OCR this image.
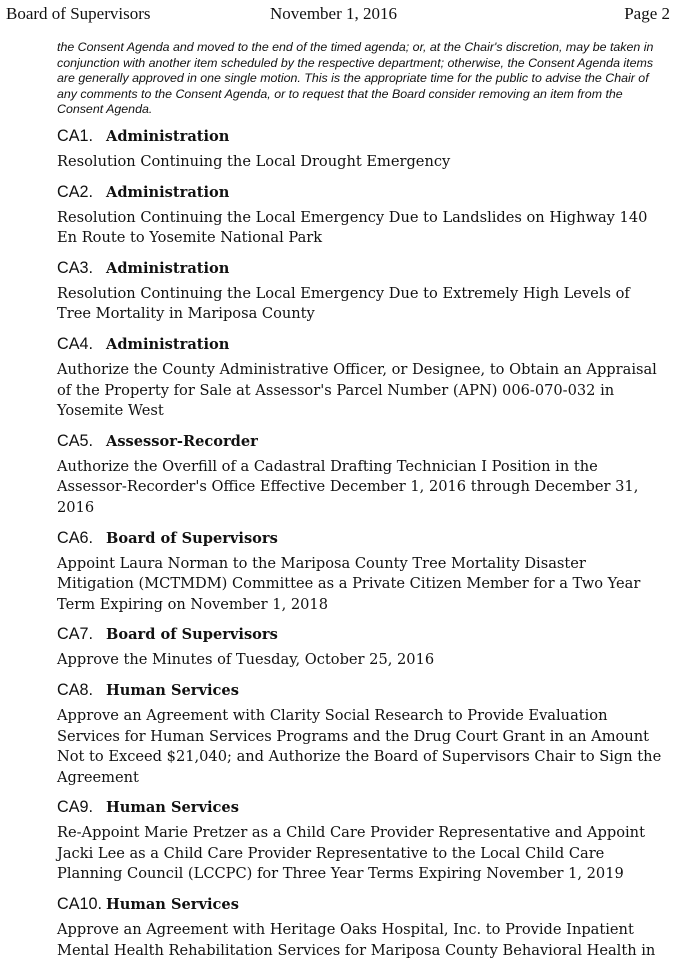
Board of Supervisors	November 1, 2016	Page 2

the Consent Agenda and moved to the end of the timed agenda; or, at the Chair's discretion, may be taken in conjunction with another item scheduled by the respective department; otherwise, the Consent Agenda items are generally approved in one single motion. This is the appropriate time for the public to advise the Chair of any comments to the Consent Agenda, or to request that the Board consider removing an item from the Consent Agenda.

CA1. Administration

Resolution Continuing the Local Drought Emergency

CA2. Administration

Resolution Continuing the Local Emergency Due to Landslides on Highway 140 En Route to Yosemite National Park

CA3. Administration

Resolution Continuing the Local Emergency Due to Extremely High Levels of Tree Mortality in Mariposa County

CA4. Administration

Authorize the County Administrative Officer, or Designee, to Obtain an Appraisal of the Property for Sale at Assessor's Parcel Number (APN) 006-070-032 in Yosemite West

CA5. Assessor-Recorder

Authorize the Overfill of a Cadastral Drafting Technician I Position in the Assessor-Recorder's Office Effective December 1, 2016 through December 31, 2016

CA6. Board of Supervisors

Appoint Laura Norman to the Mariposa County Tree Mortality Disaster Mitigation (MCTMDM) Committee as a Private Citizen Member for a Two Year Term Expiring on November 1, 2018

CA7. Board of Supervisors

Approve the Minutes of Tuesday, October 25, 2016

CA8. Human Services

Approve an Agreement with Clarity Social Research to Provide Evaluation Services for Human Services Programs and the Drug Court Grant in an Amount Not to Exceed $21,040; and Authorize the Board of Supervisors Chair to Sign the Agreement

CA9. Human Services

Re-Appoint Marie Pretzer as a Child Care Provider Representative and Appoint Jacki Lee as a Child Care Provider Representative to the Local Child Care Planning Council (LCCPC) for Three Year Terms Expiring November 1, 2019

CA10. Human Services

Approve an Agreement with Heritage Oaks Hospital, Inc. to Provide Inpatient Mental Health Rehabilitation Services for Mariposa County Behavioral Health in
